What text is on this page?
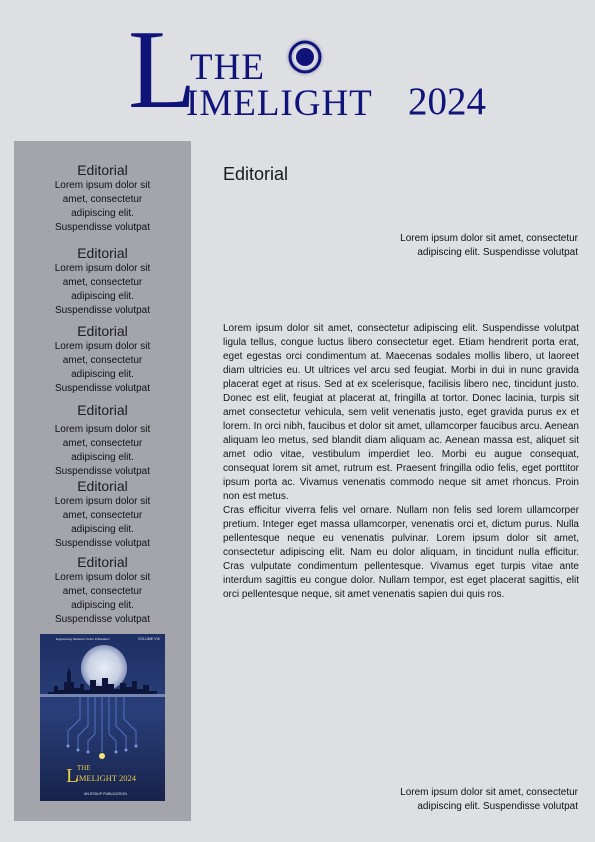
L
THE
IMELIGHT 2024
Editorial
Lorem ipsum dolor sit amet, consectetur adipiscing elit. Suspendisse volutpat
Editorial
Lorem ipsum dolor sit amet, consectetur adipiscing elit. Suspendisse volutpat
Editorial
Lorem ipsum dolor sit amet, consectetur adipiscing elit. Suspendisse volutpat
Editorial
Lorem ipsum dolor sit amet, consectetur adipiscing elit. Suspendisse volutpat
Editorial
Lorem ipsum dolor sit amet, consectetur adipiscing elit. Suspendisse volutpat
Editorial
Lorem ipsum dolor sit amet, consectetur adipiscing elit. Suspendisse volutpat
Engineering Students' Union Publication	VOLUME VIII
L
THE
IMELIGHT 2024
AN ESSUP PUBLICATION
Editorial
Lorem ipsum dolor sit amet, consectetur adipiscing elit. Suspendisse volutpat

Lorem ipsum dolor sit amet, consectetur adipiscing elit. Suspendisse volutpat ligula tellus, congue luctus libero consectetur eget. Etiam hendrerit porta erat, eget egestas orci condimentum at. Maecenas sodales mollis libero, ut laoreet diam ultricies eu. Ut ultrices vel arcu sed feugiat. Morbi in dui in nunc gravida placerat eget at risus. Sed at ex scelerisque, facilisis libero nec, tincidunt justo. Donec est elit, feugiat at placerat at, fringilla at tortor. Donec lacinia, turpis sit amet consectetur vehicula, sem velit venenatis justo, eget gravida purus ex et lorem. In orci nibh, faucibus et dolor sit amet, ullamcorper faucibus arcu. Aenean aliquam leo metus, sed blandit diam aliquam ac. Aenean massa est, aliquet sit amet odio vitae, vestibulum imperdiet leo. Morbi eu augue consequat, consequat lorem sit amet, rutrum est. Praesent fringilla odio felis, eget porttitor ipsum porta ac. Vivamus venenatis commodo neque sit amet rhoncus. Proin non est metus.

Cras efficitur viverra felis vel ornare. Nullam non felis sed lorem ullamcorper pretium. Integer eget massa ullamcorper, venenatis orci et, dictum purus. Nulla pellentesque neque eu venenatis pulvinar. Lorem ipsum dolor sit amet, consectetur adipiscing elit. Nam eu dolor aliquam, in tincidunt nulla efficitur. Cras vulputate condimentum pellentesque. Vivamus eget turpis vitae ante interdum sagittis eu congue dolor. Nullam tempor, est eget placerat sagittis, elit orci pellentesque neque, sit amet venenatis sapien dui quis ros.

Lorem ipsum dolor sit amet, consectetur adipiscing elit. Suspendisse volutpat
